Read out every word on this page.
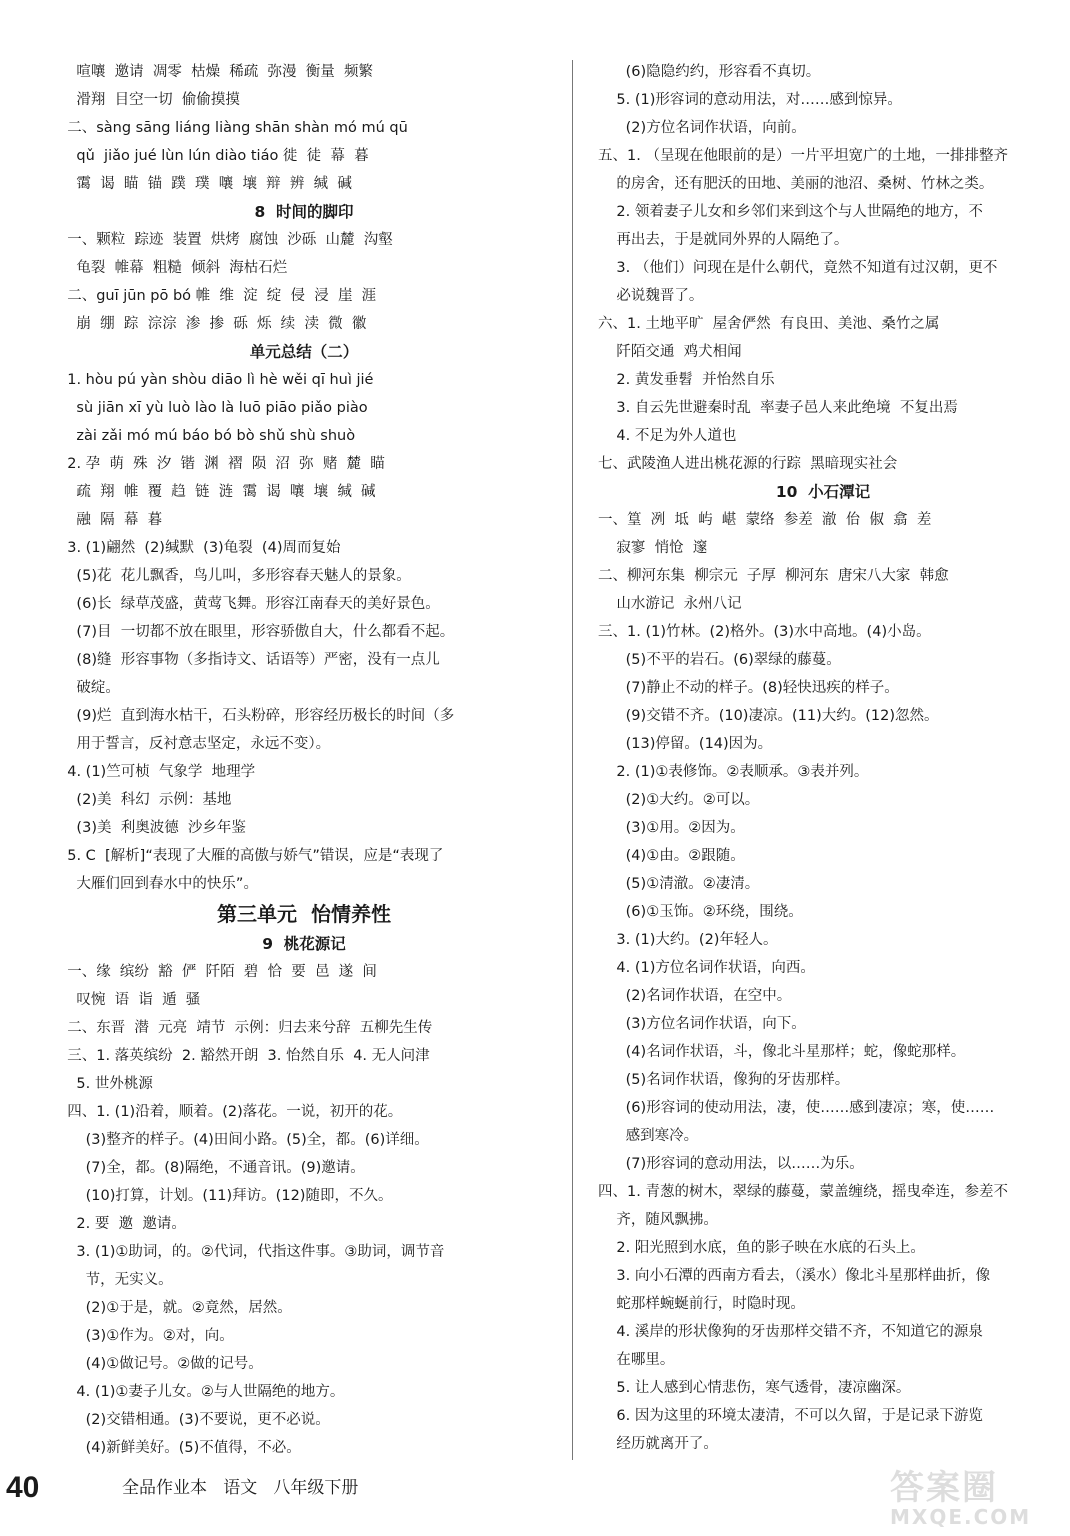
喧嚷  邀请  凋零  枯燥  稀疏  弥漫  衡量  频繁
滑翔  目空一切  偷偷摸摸
二、sàng sāng liáng liàng shān shàn mó mú qū
qǔ  jiǎo jué lùn lún diào tiáo 徙  徒  幕  暮
霭  谒  瞄  锚  蹼  璞  嚷  壤  辩  辨  缄  碱
8  时间的脚印
一、颗粒  踪迹  装置  烘烤  腐蚀  沙砾  山麓  沟壑
龟裂  帷幕  粗糙  倾斜  海枯石烂
二、guī jūn pō bó 帷  维  淀  绽  侵  浸  崖  涯
崩  绷  踪  淙淙  渗  掺  砾  烁  续  渎  微  徽
单元总结（二）
1. hòu pú yàn shòu diāo lì hè wěi qī huì jié
sù jiān xī yù luò lào là luō piāo piǎo piào
zài zǎi mó mú báo bó bò shǔ shù shuò
2. 孕  萌  殊  汐  锴  渊  褶  陨  沼  弥  赌  麓  瞄
疏  翔  帷  覆  趋  链  涟  霭  谒  嚷  壤  缄  碱
融  隔  幕  暮
3. (1)翩然  (2)缄默  (3)龟裂  (4)周而复始
(5)花  花儿飘香，鸟儿叫，多形容春天魅人的景象。
(6)长  绿草茂盛，黄莺飞舞。形容江南春天的美好景色。
(7)目  一切都不放在眼里，形容骄傲自大，什么都看不起。
(8)缝  形容事物（多指诗文、话语等）严密，没有一点儿
破绽。
(9)烂  直到海水枯干，石头粉碎，形容经历极长的时间（多
用于誓言，反衬意志坚定，永远不变）。
4. (1)竺可桢  气象学  地理学
(2)美  科幻  示例：基地
(3)美  利奥波德  沙乡年鉴
5. C  [解析]“表现了大雁的高傲与娇气”错误，应是“表现了
大雁们回到春水中的快乐”。
第三单元  怡情养性
9  桃花源记
一、缘  缤纷  豁  俨  阡陌  碧  恰  要  邑  遂  间
叹惋  语  诣  遁  骚
二、东晋  潜  元亮  靖节  示例：归去来兮辞  五柳先生传
三、1. 落英缤纷  2. 豁然开朗  3. 怡然自乐  4. 无人问津
5. 世外桃源
四、1. (1)沿着，顺着。(2)落花。一说，初开的花。
(3)整齐的样子。(4)田间小路。(5)全，都。(6)详细。
(7)全，都。(8)隔绝，不通音讯。(9)邀请。
(10)打算，计划。(11)拜访。(12)随即，不久。
2. 要  邀  邀请。
3. (1)①助词，的。②代词，代指这件事。③助词，调节音
节，无实义。
(2)①于是，就。②竟然，居然。
(3)①作为。②对，向。
(4)①做记号。②做的记号。
4. (1)①妻子儿女。②与人世隔绝的地方。
(2)交错相通。(3)不要说，更不必说。
(4)新鲜美好。(5)不值得，不必。
(6)隐隐约约，形容看不真切。
5. (1)形容词的意动用法，对……感到惊异。
(2)方位名词作状语，向前。
五、1. （呈现在他眼前的是）一片平坦宽广的土地，一排排整齐
的房舍，还有肥沃的田地、美丽的池沼、桑树、竹林之类。
2. 领着妻子儿女和乡邻们来到这个与人世隔绝的地方，不
再出去，于是就同外界的人隔绝了。
3. （他们）问现在是什么朝代，竟然不知道有过汉朝，更不
必说魏晋了。
六、1. 土地平旷  屋舍俨然  有良田、美池、桑竹之属
阡陌交通  鸡犬相闻
2. 黄发垂髫  并怡然自乐
3. 自云先世避秦时乱  率妻子邑人来此绝境  不复出焉
4. 不足为外人道也
七、武陵渔人进出桃花源的行踪  黑暗现实社会
10  小石潭记
一、篁  冽  坻  屿  嵁  蒙络  参差  澈  佁  俶  翕  差
寂寥  悄怆  邃
二、柳河东集  柳宗元  子厚  柳河东  唐宋八大家  韩愈
山水游记  永州八记
三、1. (1)竹林。(2)格外。(3)水中高地。(4)小岛。
(5)不平的岩石。(6)翠绿的藤蔓。
(7)静止不动的样子。(8)轻快迅疾的样子。
(9)交错不齐。(10)凄凉。(11)大约。(12)忽然。
(13)停留。(14)因为。
2. (1)①表修饰。②表顺承。③表并列。
(2)①大约。②可以。
(3)①用。②因为。
(4)①由。②跟随。
(5)①清澈。②凄清。
(6)①玉饰。②环绕，围绕。
3. (1)大约。(2)年轻人。
4. (1)方位名词作状语，向西。
(2)名词作状语，在空中。
(3)方位名词作状语，向下。
(4)名词作状语，斗，像北斗星那样；蛇，像蛇那样。
(5)名词作状语，像狗的牙齿那样。
(6)形容词的使动用法，凄，使……感到凄凉；寒，使……
感到寒冷。
(7)形容词的意动用法，以……为乐。
四、1. 青葱的树木，翠绿的藤蔓，蒙盖缠绕，摇曳牵连，参差不
齐，随风飘拂。
2. 阳光照到水底，鱼的影子映在水底的石头上。
3. 向小石潭的西南方看去，（溪水）像北斗星那样曲折，像
蛇那样蜿蜒前行，时隐时现。
4. 溪岸的形状像狗的牙齿那样交错不齐，不知道它的源泉
在哪里。
5. 让人感到心情悲伤，寒气透骨，凄凉幽深。
6. 因为这里的环境太凄清，不可以久留，于是记录下游览
经历就离开了。
40	全品作业本   语文   八年级下册	答案圈
MXQE.COM
